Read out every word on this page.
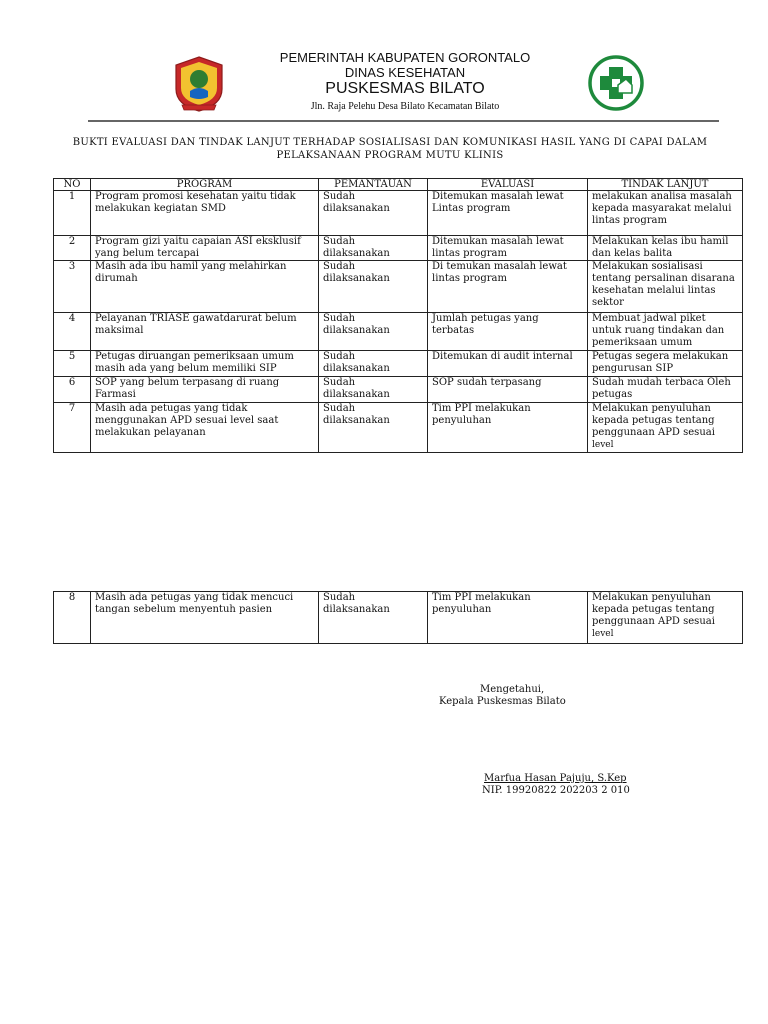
PEMERINTAH KABUPATEN GORONTALO
DINAS KESEHATAN
PUSKESMAS BILATO
Jln. Raja Pelehu Desa Bilato Kecamatan Bilato
BUKTI EVALUASI DAN TINDAK LANJUT TERHADAP SOSIALISASI DAN KOMUNIKASI HASIL YANG DI CAPAI DALAM
PELAKSANAAN PROGRAM MUTU KLINIS
NO	PROGRAM	PEMANTAUAN	EVALUASI	TINDAK LANJUT
1	Program promosi kesehatan yaitu tidak melakukan kegiatan SMD	Sudah dilaksanakan	Ditemukan masalah lewat Lintas program	melakukan analisa masalah kepada masyarakat melalui lintas program
2	Program gizi yaitu capaian ASI eksklusif yang belum tercapai	Sudah dilaksanakan	Ditemukan masalah lewat lintas program	Melakukan kelas ibu hamil dan kelas balita
3	Masih ada ibu hamil yang melahirkan dirumah	Sudah dilaksanakan	Di temukan masalah lewat lintas program	Melakukan sosialisasi tentang persalinan disarana kesehatan melalui lintas sektor
4	Pelayanan TRIASE gawatdarurat belum maksimal	Sudah dilaksanakan	Jumlah petugas yang terbatas	Membuat jadwal piket untuk ruang tindakan dan pemeriksaan umum
5	Petugas diruangan pemeriksaan umum masih ada yang belum memiliki SIP	Sudah dilaksanakan	Ditemukan di audit internal	Petugas segera melakukan pengurusan SIP
6	SOP yang belum terpasang di ruang Farmasi	Sudah dilaksanakan	SOP sudah terpasang	Sudah mudah terbaca Oleh petugas
7	Masih ada petugas yang tidak menggunakan APD sesuai level saat melakukan pelayanan	Sudah dilaksanakan	Tim PPI melakukan penyuluhan	Melakukan penyuluhan kepada petugas tentang penggunaan APD sesuai
level
8	Masih ada petugas yang tidak mencuci tangan sebelum menyentuh pasien	Sudah dilaksanakan	Tim PPI melakukan penyuluhan	Melakukan penyuluhan kepada petugas tentang penggunaan APD sesuai
level
Mengetahui,
Kepala Puskesmas Bilato
Marfua Hasan Pajuju, S.Kep
NIP. 19920822 202203 2 010
